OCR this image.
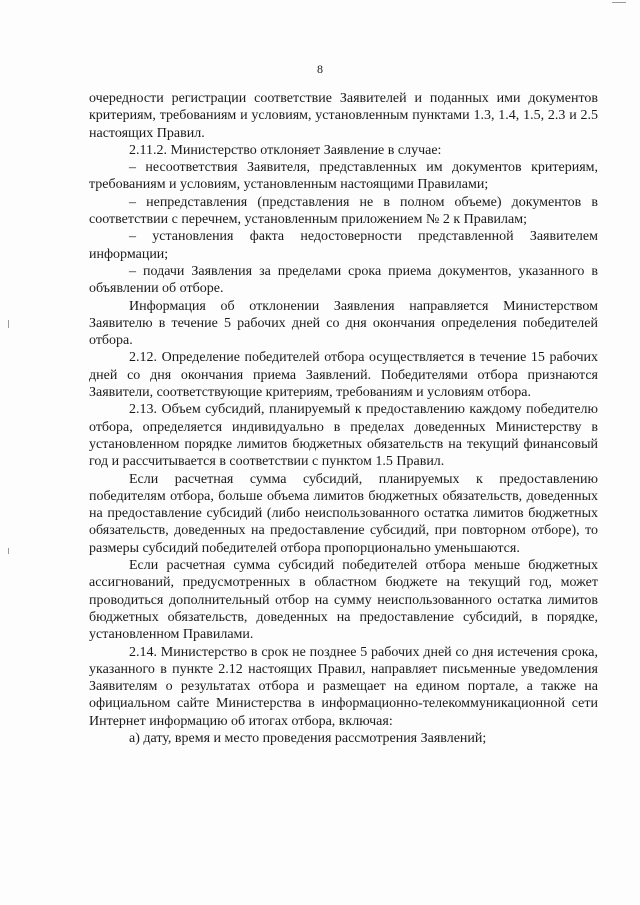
8

очередности регистрации соответствие Заявителей и поданных ими документов критериям, требованиям и условиям, установленным пунктами 1.3, 1.4, 1.5, 2.3 и 2.5 настоящих Правил.

2.11.2. Министерство отклоняет Заявление в случае:

– несоответствия Заявителя, представленных им документов критериям, требованиям и условиям, установленным настоящими Правилами;

– непредставления (представления не в полном объеме) документов в соответствии с перечнем, установленным приложением № 2 к Правилам;

– установления факта недостоверности представленной Заявителем информации;

– подачи Заявления за пределами срока приема документов, указанного в объявлении об отборе.

Информация об отклонении Заявления направляется Министерством Заявителю в течение 5 рабочих дней со дня окончания определения победителей отбора.

2.12. Определение победителей отбора осуществляется в течение 15 рабочих дней со дня окончания приема Заявлений. Победителями отбора признаются Заявители, соответствующие критериям, требованиям и условиям отбора.

2.13. Объем субсидий, планируемый к предоставлению каждому победителю отбора, определяется индивидуально в пределах доведенных Министерству в установленном порядке лимитов бюджетных обязательств на текущий финансовый год и рассчитывается в соответствии с пунктом 1.5 Правил.

Если расчетная сумма субсидий, планируемых к предоставлению победителям отбора, больше объема лимитов бюджетных обязательств, доведенных на предоставление субсидий (либо неиспользованного остатка лимитов бюджетных обязательств, доведенных на предоставление субсидий, при повторном отборе), то размеры субсидий победителей отбора пропорционально уменьшаются.

Если расчетная сумма субсидий победителей отбора меньше бюджетных ассигнований, предусмотренных в областном бюджете на текущий год, может проводиться дополнительный отбор на сумму неиспользованного остатка лимитов бюджетных обязательств, доведенных на предоставление субсидий, в порядке, установленном Правилами.

2.14. Министерство в срок не позднее 5 рабочих дней со дня истечения срока, указанного в пункте 2.12 настоящих Правил, направляет письменные уведомления Заявителям о результатах отбора и размещает на едином портале, а также на официальном сайте Министерства в информационно-телекоммуникационной сети Интернет информацию об итогах отбора, включая:

а) дату, время и место проведения рассмотрения Заявлений;
